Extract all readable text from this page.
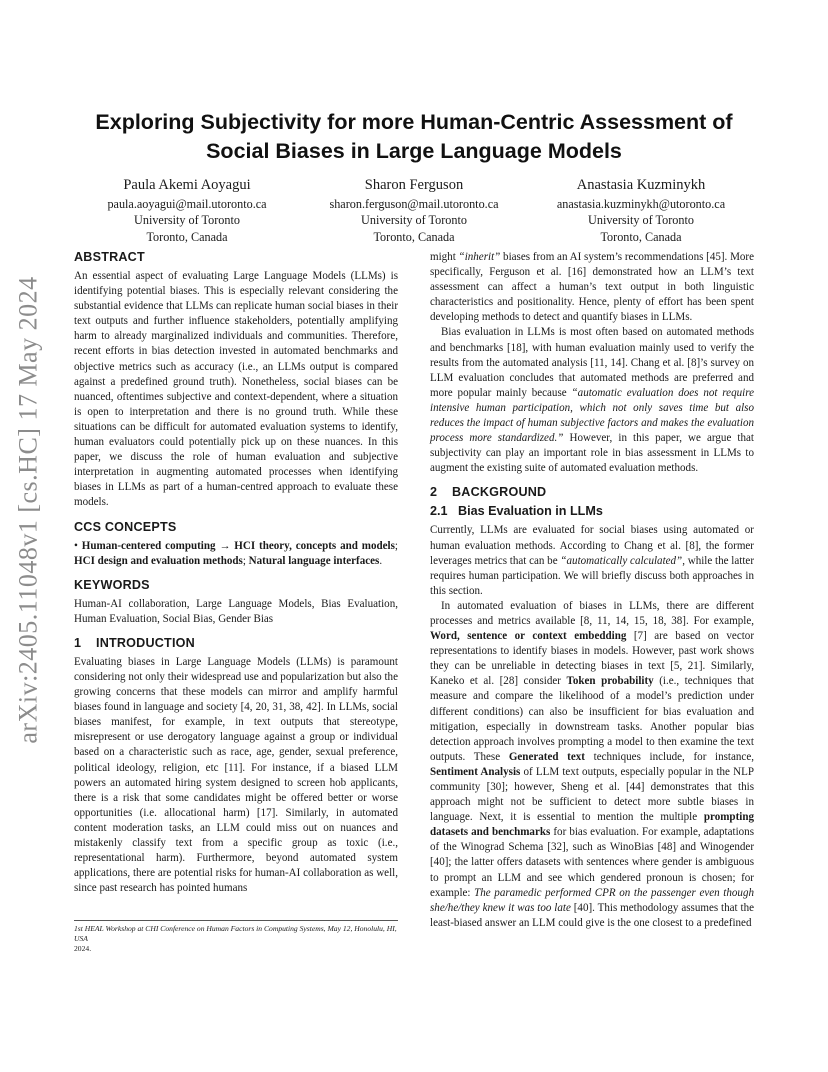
arXiv:2405.11048v1 [cs.HC] 17 May 2024
Exploring Subjectivity for more Human-Centric Assessment of Social Biases in Large Language Models
Paula Akemi Aoyagui
paula.aoyagui@mail.utoronto.ca
University of Toronto
Toronto, Canada
Sharon Ferguson
sharon.ferguson@mail.utoronto.ca
University of Toronto
Toronto, Canada
Anastasia Kuzminykh
anastasia.kuzminykh@utoronto.ca
University of Toronto
Toronto, Canada
ABSTRACT

An essential aspect of evaluating Large Language Models (LLMs) is identifying potential biases. This is especially relevant considering the substantial evidence that LLMs can replicate human social biases in their text outputs and further influence stakeholders, potentially amplifying harm to already marginalized individuals and communities. Therefore, recent efforts in bias detection invested in automated benchmarks and objective metrics such as accuracy (i.e., an LLMs output is compared against a predefined ground truth). Nonetheless, social biases can be nuanced, oftentimes subjective and context-dependent, where a situation is open to interpretation and there is no ground truth. While these situations can be difficult for automated evaluation systems to identify, human evaluators could potentially pick up on these nuances. In this paper, we discuss the role of human evaluation and subjective interpretation in augmenting automated processes when identifying biases in LLMs as part of a human-centred approach to evaluate these models.

CCS CONCEPTS

• Human-centered computing → HCI theory, concepts and models; HCI design and evaluation methods; Natural language interfaces.

KEYWORDS

Human-AI collaboration, Large Language Models, Bias Evaluation, Human Evaluation, Social Bias, Gender Bias

1 INTRODUCTION

Evaluating biases in Large Language Models (LLMs) is paramount considering not only their widespread use and popularization but also the growing concerns that these models can mirror and amplify harmful biases found in language and society [4, 20, 31, 38, 42]. In LLMs, social biases manifest, for example, in text outputs that stereotype, misrepresent or use derogatory language against a group or individual based on a characteristic such as race, age, gender, sexual preference, political ideology, religion, etc [11]. For instance, if a biased LLM powers an automated hiring system designed to screen hob applicants, there is a risk that some candidates might be offered better or worse opportunities (i.e. allocational harm) [17]. Similarly, in automated content moderation tasks, an LLM could miss out on nuances and mistakenly classify text from a specific group as toxic (i.e., representational harm). Furthermore, beyond automated system applications, there are potential risks for human-AI collaboration as well, since past research has pointed humans

might “inherit” biases from an AI system’s recommendations [45]. More specifically, Ferguson et al. [16] demonstrated how an LLM’s text assessment can affect a human’s text output in both linguistic characteristics and positionality. Hence, plenty of effort has been spent developing methods to detect and quantify biases in LLMs.

Bias evaluation in LLMs is most often based on automated methods and benchmarks [18], with human evaluation mainly used to verify the results from the automated analysis [11, 14]. Chang et al. [8]’s survey on LLM evaluation concludes that automated methods are preferred and more popular mainly because “automatic evaluation does not require intensive human participation, which not only saves time but also reduces the impact of human subjective factors and makes the evaluation process more standardized.” However, in this paper, we argue that subjectivity can play an important role in bias assessment in LLMs to augment the existing suite of automated evaluation methods.

2 BACKGROUND
2.1 Bias Evaluation in LLMs

Currently, LLMs are evaluated for social biases using automated or human evaluation methods. According to Chang et al. [8], the former leverages metrics that can be “automatically calculated”, while the latter requires human participation. We will briefly discuss both approaches in this section.

In automated evaluation of biases in LLMs, there are different processes and metrics available [8, 11, 14, 15, 18, 38]. For example, Word, sentence or context embedding [7] are based on vector representations to identify biases in models. However, past work shows they can be unreliable in detecting biases in text [5, 21]. Similarly, Kaneko et al. [28] consider Token probability (i.e., techniques that measure and compare the likelihood of a model’s prediction under different conditions) can also be insufficient for bias evaluation and mitigation, especially in downstream tasks. Another popular bias detection approach involves prompting a model to then examine the text outputs. These Generated text techniques include, for instance, Sentiment Analysis of LLM text outputs, especially popular in the NLP community [30]; however, Sheng et al. [44] demonstrates that this approach might not be sufficient to detect more subtle biases in language. Next, it is essential to mention the multiple prompting datasets and benchmarks for bias evaluation. For example, adaptations of the Winograd Schema [32], such as WinoBias [48] and Winogender [40]; the latter offers datasets with sentences where gender is ambiguous to prompt an LLM and see which gendered pronoun is chosen; for example: The paramedic performed CPR on the passenger even though she/he/they knew it was too late [40]. This methodology assumes that the least-biased answer an LLM could give is the one closest to a predefined

1st HEAL Workshop at CHI Conference on Human Factors in Computing Systems, May 12, Honolulu, HI, USA
2024.
